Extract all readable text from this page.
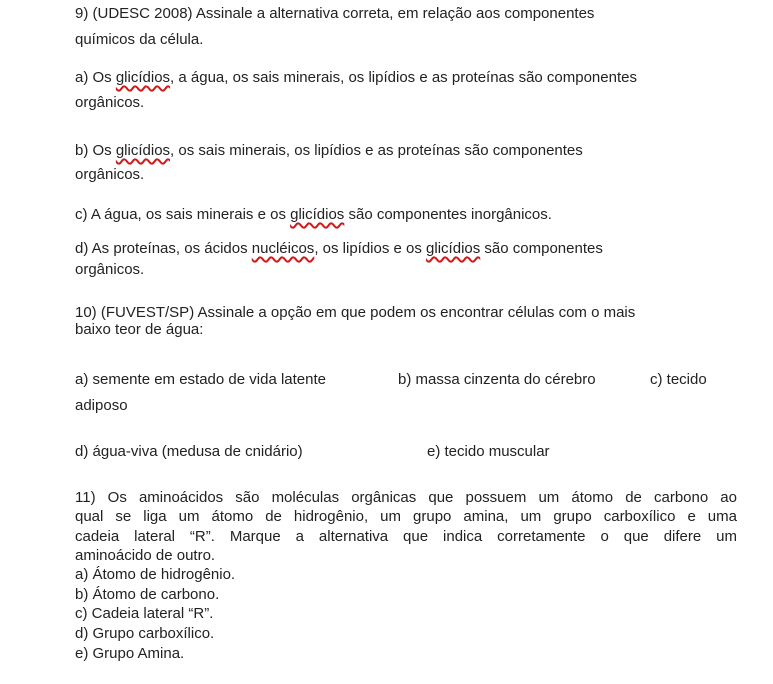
9) (UDESC 2008) Assinale a alternativa correta, em relação aos componentes
químicos da célula.
a) Os glicídios, a água, os sais minerais, os lipídios e as proteínas são componentes
orgânicos.
b) Os glicídios, os sais minerais, os lipídios e as proteínas são componentes
orgânicos.
c) A água, os sais minerais e os glicídios são componentes inorgânicos.
d) As proteínas, os ácidos nucléicos, os lipídios e os glicídios são componentes
orgânicos.
10) (FUVEST/SP) Assinale a opção em que podem os encontrar células com o mais
baixo teor de água:
a) semente em estado de vida latente	b) massa cinzenta do cérebro	c) tecido
adiposo
d) água-viva (medusa de cnidário)	e) tecido muscular
11) Os aminoácidos são moléculas orgânicas que possuem um átomo de carbono ao
qual se liga um átomo de hidrogênio, um grupo amina, um grupo carboxílico e uma
cadeia lateral “R”. Marque a alternativa que indica corretamente o que difere um
aminoácido de outro.
a) Átomo de hidrogênio.
b) Átomo de carbono.
c) Cadeia lateral “R”.
d) Grupo carboxílico.
e) Grupo Amina.
